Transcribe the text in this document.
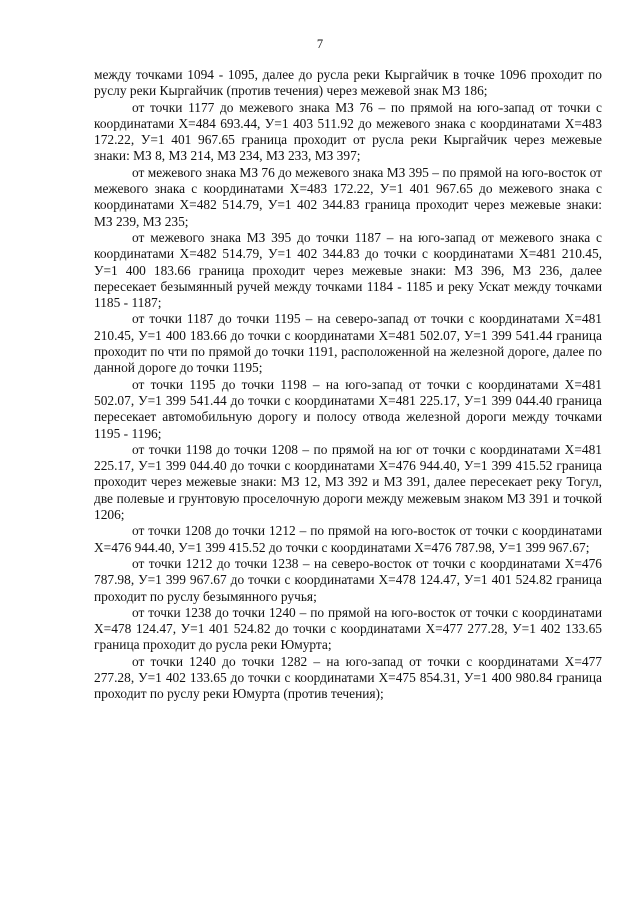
7

между точками 1094 - 1095, далее до русла реки Кыргайчик в точке 1096 проходит по руслу реки Кыргайчик (против течения) через межевой знак МЗ 186;

от точки 1177 до межевого знака МЗ 76 – по прямой на юго-запад от точки с координатами Х=484 693.44, У=1 403 511.92 до межевого знака с координатами Х=483 172.22, У=1 401 967.65 граница проходит от русла реки Кыргайчик через межевые знаки: МЗ 8, МЗ 214, МЗ 234, МЗ 233, МЗ 397;

от межевого знака МЗ 76 до межевого знака МЗ 395 – по прямой на юго-восток от межевого знака с координатами Х=483 172.22, У=1 401 967.65 до межевого знака с координатами Х=482 514.79, У=1 402 344.83 граница проходит через межевые знаки: МЗ 239, МЗ 235;

от межевого знака МЗ 395 до точки 1187 – на юго-запад от межевого знака с координатами Х=482 514.79, У=1 402 344.83 до точки с координатами Х=481 210.45, У=1 400 183.66 граница проходит через межевые знаки: МЗ 396, МЗ 236, далее пересекает безымянный ручей между точками 1184 - 1185 и реку Ускат между точками 1185 - 1187;

от точки 1187 до точки 1195 – на северо-запад от точки с координатами Х=481 210.45, У=1 400 183.66 до точки с координатами Х=481 502.07, У=1 399 541.44 граница проходит по чти по прямой до точки 1191, расположенной на железной дороге, далее по данной дороге до точки 1195;

от точки 1195 до точки 1198 – на юго-запад от точки с координатами Х=481 502.07, У=1 399 541.44 до точки с координатами Х=481 225.17, У=1 399 044.40 граница пересекает автомобильную дорогу и полосу отвода железной дороги между точками 1195 - 1196;

от точки 1198 до точки 1208 – по прямой на юг от точки с координатами Х=481 225.17, У=1 399 044.40 до точки с координатами Х=476 944.40, У=1 399 415.52 граница проходит через межевые знаки: МЗ 12, МЗ 392 и МЗ 391, далее пересекает реку Тогул, две полевые и грунтовую проселочную дороги между межевым знаком МЗ 391 и точкой 1206;

от точки 1208 до точки 1212 – по прямой на юго-восток от точки с координатами Х=476 944.40, У=1 399 415.52 до точки с координатами Х=476 787.98, У=1 399 967.67;

от точки 1212 до точки 1238 – на северо-восток от точки с координатами Х=476 787.98, У=1 399 967.67 до точки с координатами Х=478 124.47, У=1 401 524.82 граница проходит по руслу безымянного ручья;

от точки 1238 до точки 1240 – по прямой на юго-восток от точки с координатами Х=478 124.47, У=1 401 524.82 до точки с координатами Х=477 277.28, У=1 402 133.65 граница проходит до русла реки Юмурта;

от точки 1240 до точки 1282 – на юго-запад от точки с координатами Х=477 277.28, У=1 402 133.65 до точки с координатами Х=475 854.31, У=1 400 980.84 граница проходит по руслу реки Юмурта (против течения);
